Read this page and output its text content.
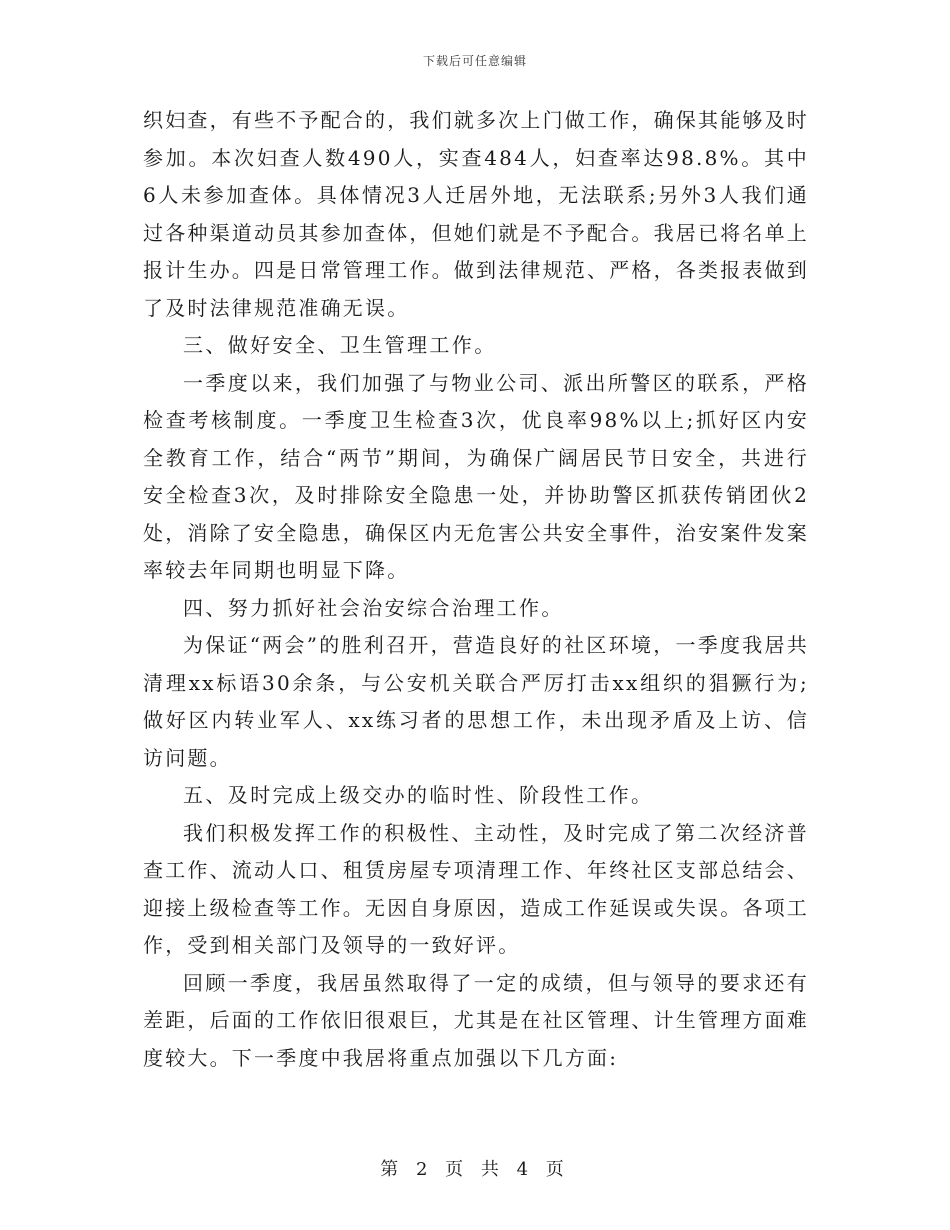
下载后可任意编辑

织妇查，有些不予配合的，我们就多次上门做工作，确保其能够及时参加。本次妇查人数490人，实查484人，妇查率达98.8%。其中6人未参加查体。具体情况3人迁居外地，无法联系;另外3人我们通过各种渠道动员其参加查体，但她们就是不予配合。我居已将名单上报计生办。四是日常管理工作。做到法律规范、严格，各类报表做到了及时法律规范准确无误。

三、做好安全、卫生管理工作。

一季度以来，我们加强了与物业公司、派出所警区的联系，严格检查考核制度。一季度卫生检查3次，优良率98%以上;抓好区内安全教育工作，结合“两节”期间，为确保广阔居民节日安全，共进行安全检查3次，及时排除安全隐患一处，并协助警区抓获传销团伙2处，消除了安全隐患，确保区内无危害公共安全事件，治安案件发案率较去年同期也明显下降。

四、努力抓好社会治安综合治理工作。

为保证“两会”的胜利召开，营造良好的社区环境，一季度我居共清理xx标语30余条，与公安机关联合严厉打击xx组织的猖獗行为;做好区内转业军人、xx练习者的思想工作，未出现矛盾及上访、信访问题。

五、及时完成上级交办的临时性、阶段性工作。

我们积极发挥工作的积极性、主动性，及时完成了第二次经济普查工作、流动人口、租赁房屋专项清理工作、年终社区支部总结会、迎接上级检查等工作。无因自身原因，造成工作延误或失误。各项工作，受到相关部门及领导的一致好评。

回顾一季度，我居虽然取得了一定的成绩，但与领导的要求还有差距，后面的工作依旧很艰巨，尤其是在社区管理、计生管理方面难度较大。下一季度中我居将重点加强以下几方面:

第 2 页 共 4 页
